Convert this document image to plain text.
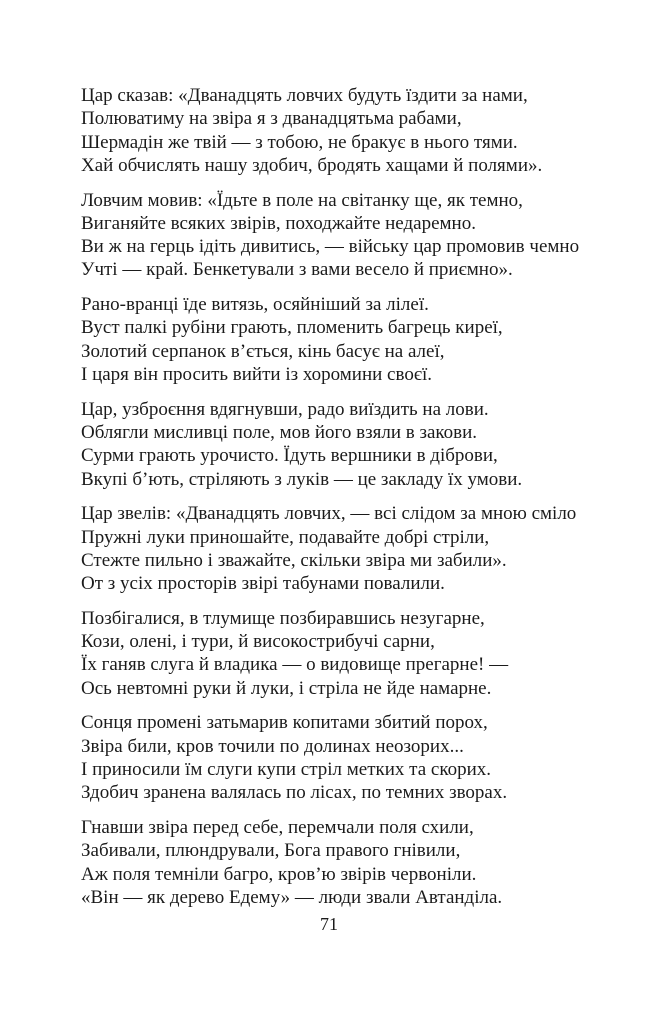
Цар сказав: «Дванадцять ловчих будуть їздити за нами,
Полюватиму на звіра я з дванадцятьма рабами,
Шермадін же твій — з тобою, не бракує в нього тями.
Хай обчислять нашу здобич, бродять хащами й полями».
Ловчим мовив: «Їдьте в поле на світанку ще, як темно,
Виганяйте всяких звірів, походжайте недаремно.
Ви ж на герць ідіть дивитись, — війську цар промовив чемно
Учті — край. Бенкетували з вами весело й приємно».
Рано-вранці їде витязь, осяйніший за лілеї.
Вуст палкі рубіни грають, пломенить багрець киреї,
Золотий серпанок в’ється, кінь басує на алеї,
І царя він просить вийти із хоромини своєї.
Цар, узброєння вдягнувши, радо виїздить на лови.
Облягли мисливці поле, мов його взяли в закови.
Сурми грають урочисто. Їдуть вершники в діброви,
Вкупі б’ють, стріляють з луків — це закладу їх умови.
Цар звелів: «Дванадцять ловчих, — всі слідом за мною сміло
Пружні луки приношайте, подавайте добрі стріли,
Стежте пильно і зважайте, скільки звіра ми забили».
От з усіх просторів звірі табунами повалили.
Позбігалися, в тлумище позбиравшись незугарне,
Кози, олені, і тури, й високострибучі сарни,
Їх ганяв слуга й владика — о видовище прегарне! —
Ось невтомні руки й луки, і стріла не йде намарне.
Сонця промені затьмарив копитами збитий порох,
Звіра били, кров точили по долинах неозорих...
І приносили їм слуги купи стріл метких та скорих.
Здобич зранена валялась по лісах, по темних зворах.
Гнавши звіра перед себе, перемчали поля схили,
Забивали, плюндрували, Бога правого гнівили,
Аж поля темніли багро, кров’ю звірів червоніли.
«Він — як дерево Едему» — люди звали Автанділа.
71
